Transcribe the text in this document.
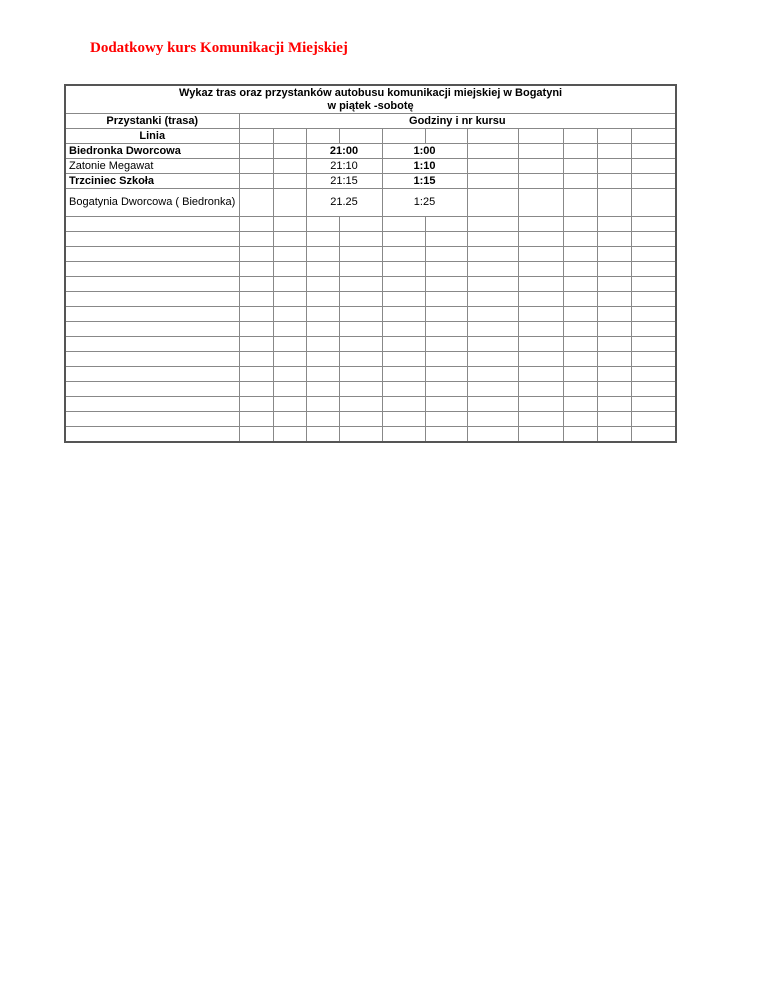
Dodatkowy kurs Komunikacji Miejskiej
Wykaz tras oraz przystanków autobusu komunikacji miejskiej w Bogatyni
w piątek -sobotę											
Przystanki (trasa)	Godziny i nr kursu										
Linia											
Biedronka Dworcowa			21:00		1:00						
Zatonie Megawat			21:10		1:10						
Trzciniec Szkoła			21:15		1:15						
Bogatynia Dworcowa ( Biedronka)			21.25		1:25						
